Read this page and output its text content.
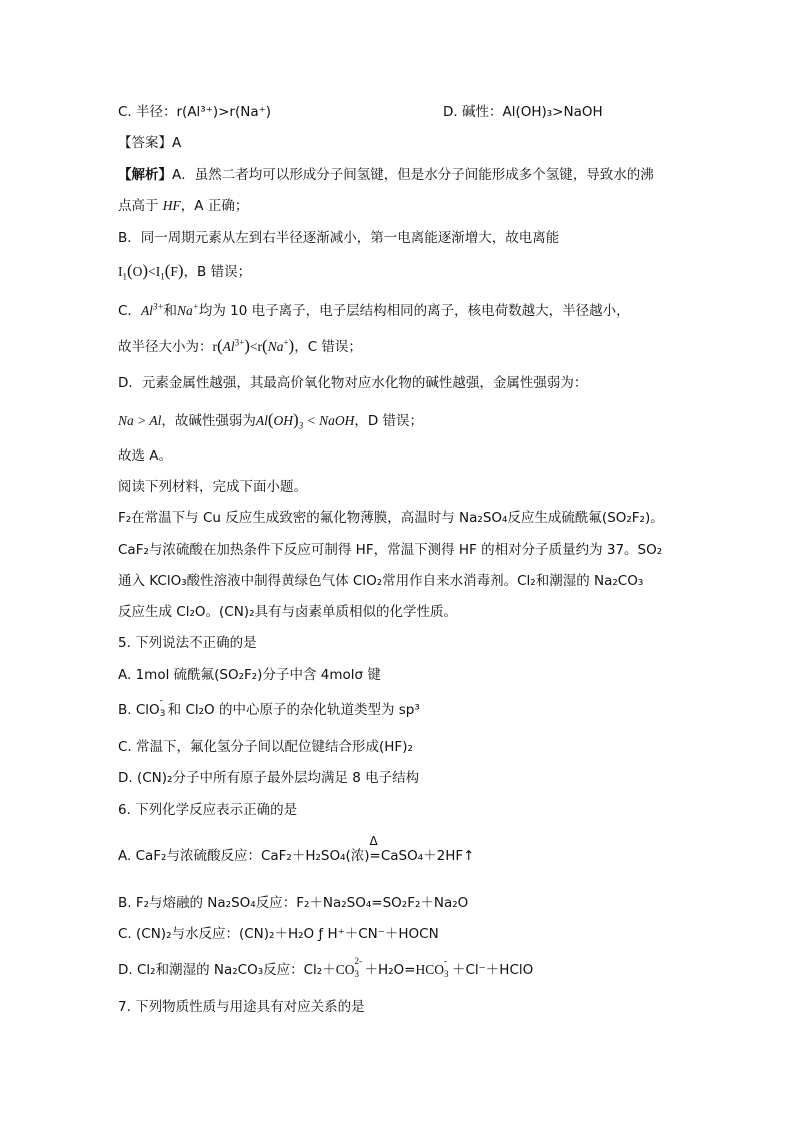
C. 半径：r(Al³⁺)>r(Na⁺)	D. 碱性：Al(OH)₃>NaOH
【答案】A
【解析】A．虽然二者均可以形成分子间氢键，但是水分子间能形成多个氢键，导致水的沸
点高于 HF，A 正确；
B．同一周期元素从左到右半径逐渐减小，第一电离能逐渐增大，故电离能
$I_1(O)<I_1(F)$，B 错误；
C．$Al^{3+}$和Na+均为 10 电子离子，电子层结构相同的离子，核电荷数越大，半径越小，
故半径大小为：$r(Al^{3+})<r(Na^+)$，C 错误；
D．元素金属性越强，其最高价氧化物对应水化物的碱性越强，金属性强弱为：
Na > Al，故碱性强弱为$Al(OH)_3$ < NaOH，D 错误；
故选 A。
阅读下列材料，完成下面小题。
F₂在常温下与 Cu 反应生成致密的氟化物薄膜，高温时与 Na₂SO₄反应生成硫酰氟(SO₂F₂)。
CaF₂与浓硫酸在加热条件下反应可制得 HF，常温下测得 HF 的相对分子质量约为 37。SO₂
通入 KClO₃酸性溶液中制得黄绿色气体 ClO₂常用作自来水消毒剂。Cl₂和潮湿的 Na₂CO₃
反应生成 Cl₂O。(CN)₂具有与卤素单质相似的化学性质。
5. 下列说法不正确的是
A. 1mol 硫酰氟(SO₂F₂)分子中含 4molσ 键
B. ClO
-
3 和 Cl₂O 的中心原子的杂化轨道类型为 sp³
C. 常温下，氟化氢分子间以配位键结合形成(HF)₂
D. (CN)₂分子中所有原子最外层均满足 8 电子结构
6. 下列化学反应表示正确的是
A. CaF₂与浓硫酸反应：CaF₂＋H₂SO₄(浓)
Δ
=CaSO₄＋2HF↑
B. F₂与熔融的 Na₂SO₄反应：F₂＋Na₂SO₄=SO₂F₂＋Na₂O
C. (CN)₂与水反应：(CN)₂＋H₂O ƒ H⁺＋CN⁻＋HOCN
D. Cl₂和潮湿的 Na₂CO₃反应：Cl₂＋CO
2-
3 ＋H₂O=HCO
-
3 ＋Cl⁻＋HClO
7. 下列物质性质与用途具有对应关系的是
